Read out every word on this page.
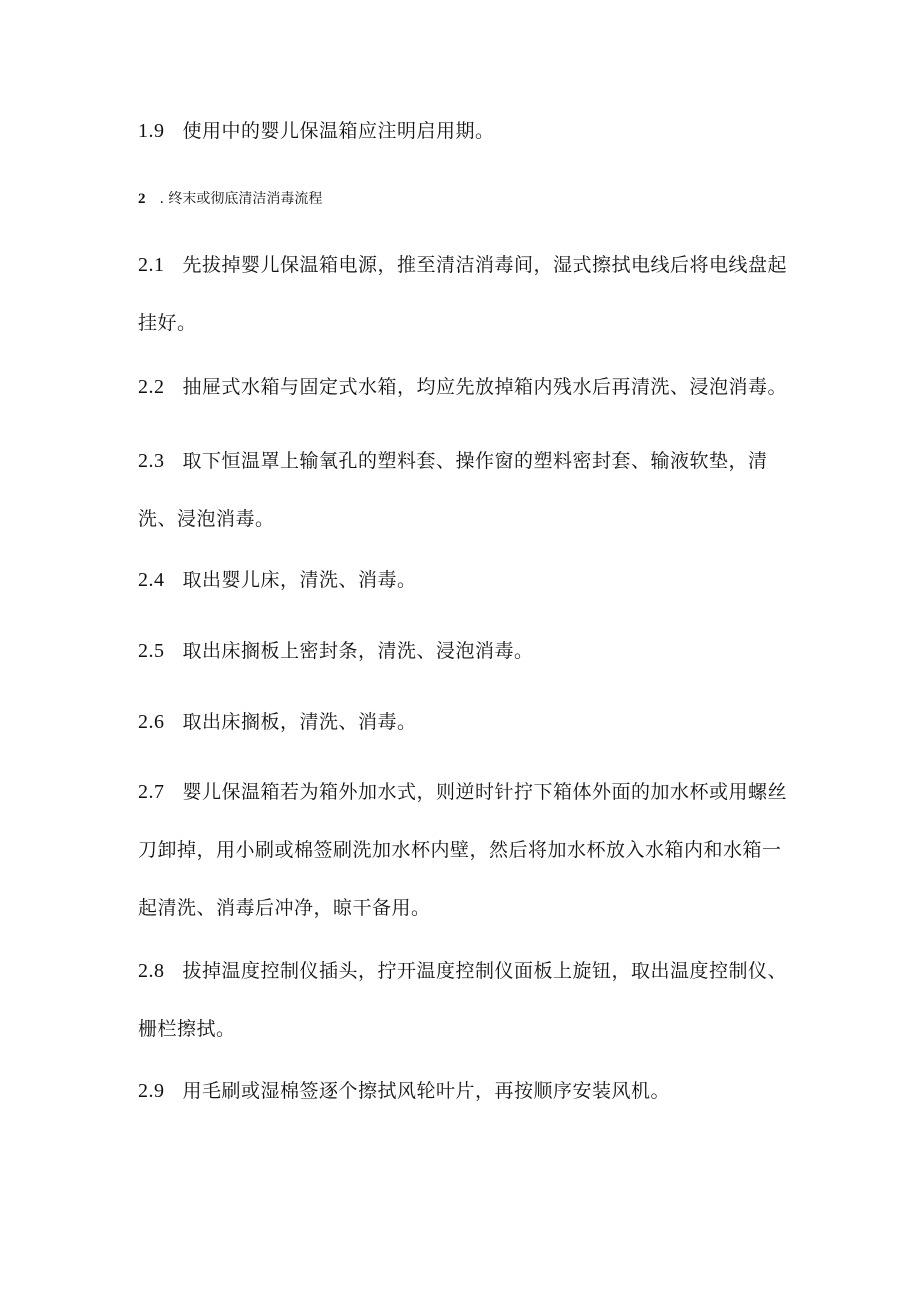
1.9 使用中的婴儿保温箱应注明启用期。

2 . 终末或彻底清洁消毒流程

2.1 先拔掉婴儿保温箱电源，推至清洁消毒间，湿式擦拭电线后将电线盘起挂好。

2.2 抽屉式水箱与固定式水箱，均应先放掉箱内残水后再清洗、浸泡消毒。

2.3 取下恒温罩上输氧孔的塑料套、操作窗的塑料密封套、输液软垫，清洗、浸泡消毒。

2.4 取出婴儿床，清洗、消毒。

2.5 取出床搁板上密封条，清洗、浸泡消毒。

2.6 取出床搁板，清洗、消毒。

2.7 婴儿保温箱若为箱外加水式，则逆时针拧下箱体外面的加水杯或用螺丝刀卸掉，用小刷或棉签刷洗加水杯内壁，然后将加水杯放入水箱内和水箱一起清洗、消毒后冲净，晾干备用。

2.8 拔掉温度控制仪插头，拧开温度控制仪面板上旋钮，取出温度控制仪、栅栏擦拭。

2.9 用毛刷或湿棉签逐个擦拭风轮叶片，再按顺序安装风机。
